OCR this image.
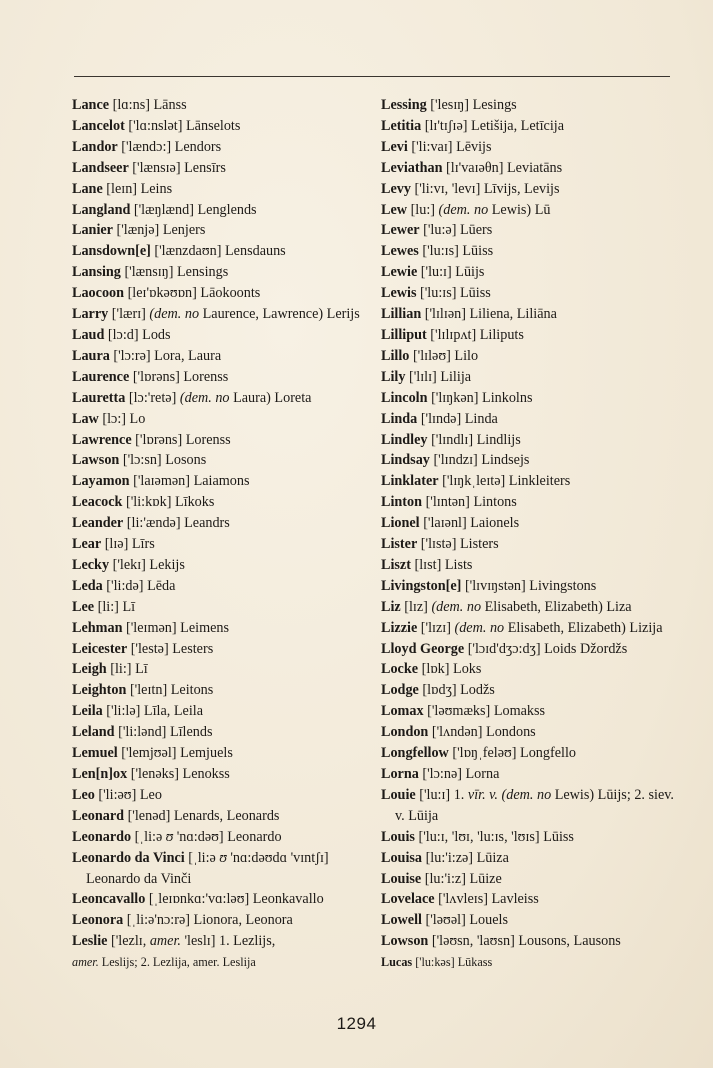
Lance [lɑ:ns] Lānss

Lancelot ['lɑ:nslət] Lānselots

Landor ['lændɔ:] Lendors

Landseer ['lænsɪə] Lensīrs

Lane [leɪn] Leins

Langland ['læŋlænd] Lenglends

Lanier ['lænjə] Lenjers

Lansdown[e] ['lænzdaʊn] Lensdauns

Lansing ['lænsɪŋ] Lensings

Laocoon [leɪ'ɒkəʊɒn] Lāokoonts

Larry ['lærɪ] (dem. no Laurence, Lawrence) Lerijs

Laud [lɔ:d] Lods

Laura ['lɔ:rə] Lora, Laura

Laurence ['lɒrəns] Lorenss

Lauretta [lɔ:'retə] (dem. no Laura) Loreta

Law [lɔ:] Lo

Lawrence ['lɒrəns] Lorenss

Lawson ['lɔ:sn] Losons

Layamon ['laɪəmən] Laiamons

Leacock ['li:kɒk] Līkoks

Leander [li:'ændə] Leandrs

Lear [lɪə] Līrs

Lecky ['lekɪ] Lekijs

Leda ['li:də] Lēda

Lee [li:] Lī

Lehman ['leɪmən] Leimens

Leicester ['lestə] Lesters

Leigh [li:] Lī

Leighton ['leɪtn] Leitons

Leila ['li:lə] Līla, Leila

Leland ['li:lənd] Līlends

Lemuel ['lemjʊəl] Lemjuels

Len[n]ox ['lenəks] Lenokss

Leo ['li:əʊ] Leo

Leonard ['lenəd] Lenards, Leonards

Leonardo [ˌli:ə ʊ 'nɑ:dəʊ] Leonardo

Leonardo da Vinci [ˌli:ə ʊ 'nɑ:dəʊdɑ 'vɪntʃɪ] Leonardo da Vinči

Leoncavallo [ˌleɪɒnkɑ:'vɑ:ləʊ] Leonkavallo

Leonora [ˌli:ə'nɔ:rə] Lionora, Leonora

Leslie ['lezlɪ, amer. 'leslɪ] 1. Lezlijs,

amer. Leslijs; 2. Lezlija, amer. Leslija

Lessing ['lesɪŋ] Lesings

Letitia [lɪ'tɪʃɪə] Letišija, Letīcija

Levi ['li:vaɪ] Lēvijs

Leviathan [lɪ'vaɪəθn] Leviatāns

Levy ['li:vɪ, 'levɪ] Līvijs, Levijs

Lew [lu:] (dem. no Lewis) Lū

Lewer ['lu:ə] Lūers

Lewes ['lu:ɪs] Lūiss

Lewie ['lu:ɪ] Lūijs

Lewis ['lu:ɪs] Lūiss

Lillian ['lɪlɪən] Liliena, Liliāna

Lilliput ['lɪlɪpʌt] Liliputs

Lillo ['lɪləʊ] Lilo

Lily ['lɪlɪ] Lilija

Lincoln ['lɪŋkən] Linkolns

Linda ['lɪndə] Linda

Lindley ['lɪndlɪ] Lindlijs

Lindsay ['lɪndzɪ] Lindsejs

Linklater ['lɪŋkˌleɪtə] Linkleiters

Linton ['lɪntən] Lintons

Lionel ['laɪənl] Laionels

Lister ['lɪstə] Listers

Liszt [lɪst] Lists

Livingston[e] ['lɪvɪŋstən] Livingstons

Liz [lɪz] (dem. no Elisabeth, Elizabeth) Liza

Lizzie ['lɪzɪ] (dem. no Elisabeth, Elizabeth) Lizija

Lloyd George ['lɔɪd'dʒɔ:dʒ] Loids Džordžs

Locke [lɒk] Loks

Lodge [lɒdʒ] Lodžs

Lomax ['ləʊmæks] Lomakss

London ['lʌndən] Londons

Longfellow ['lɒŋˌfeləʊ] Longfello

Lorna ['lɔ:nə] Lorna

Louie ['lu:ɪ] 1. vīr. v. (dem. no Lewis) Lūijs; 2. siev. v. Lūija

Louis ['lu:ɪ, 'lʊɪ, 'lu:ɪs, 'lʊɪs] Lūiss

Louisa [lu:'i:zə] Lūiza

Louise [lu:'i:z] Lūize

Lovelace ['lʌvleɪs] Lavleiss

Lowell ['ləʊəl] Louels

Lowson ['ləʊsn, 'laʊsn] Lousons, Lausons

Lucas ['lu:kəs] Lūkass

1294
